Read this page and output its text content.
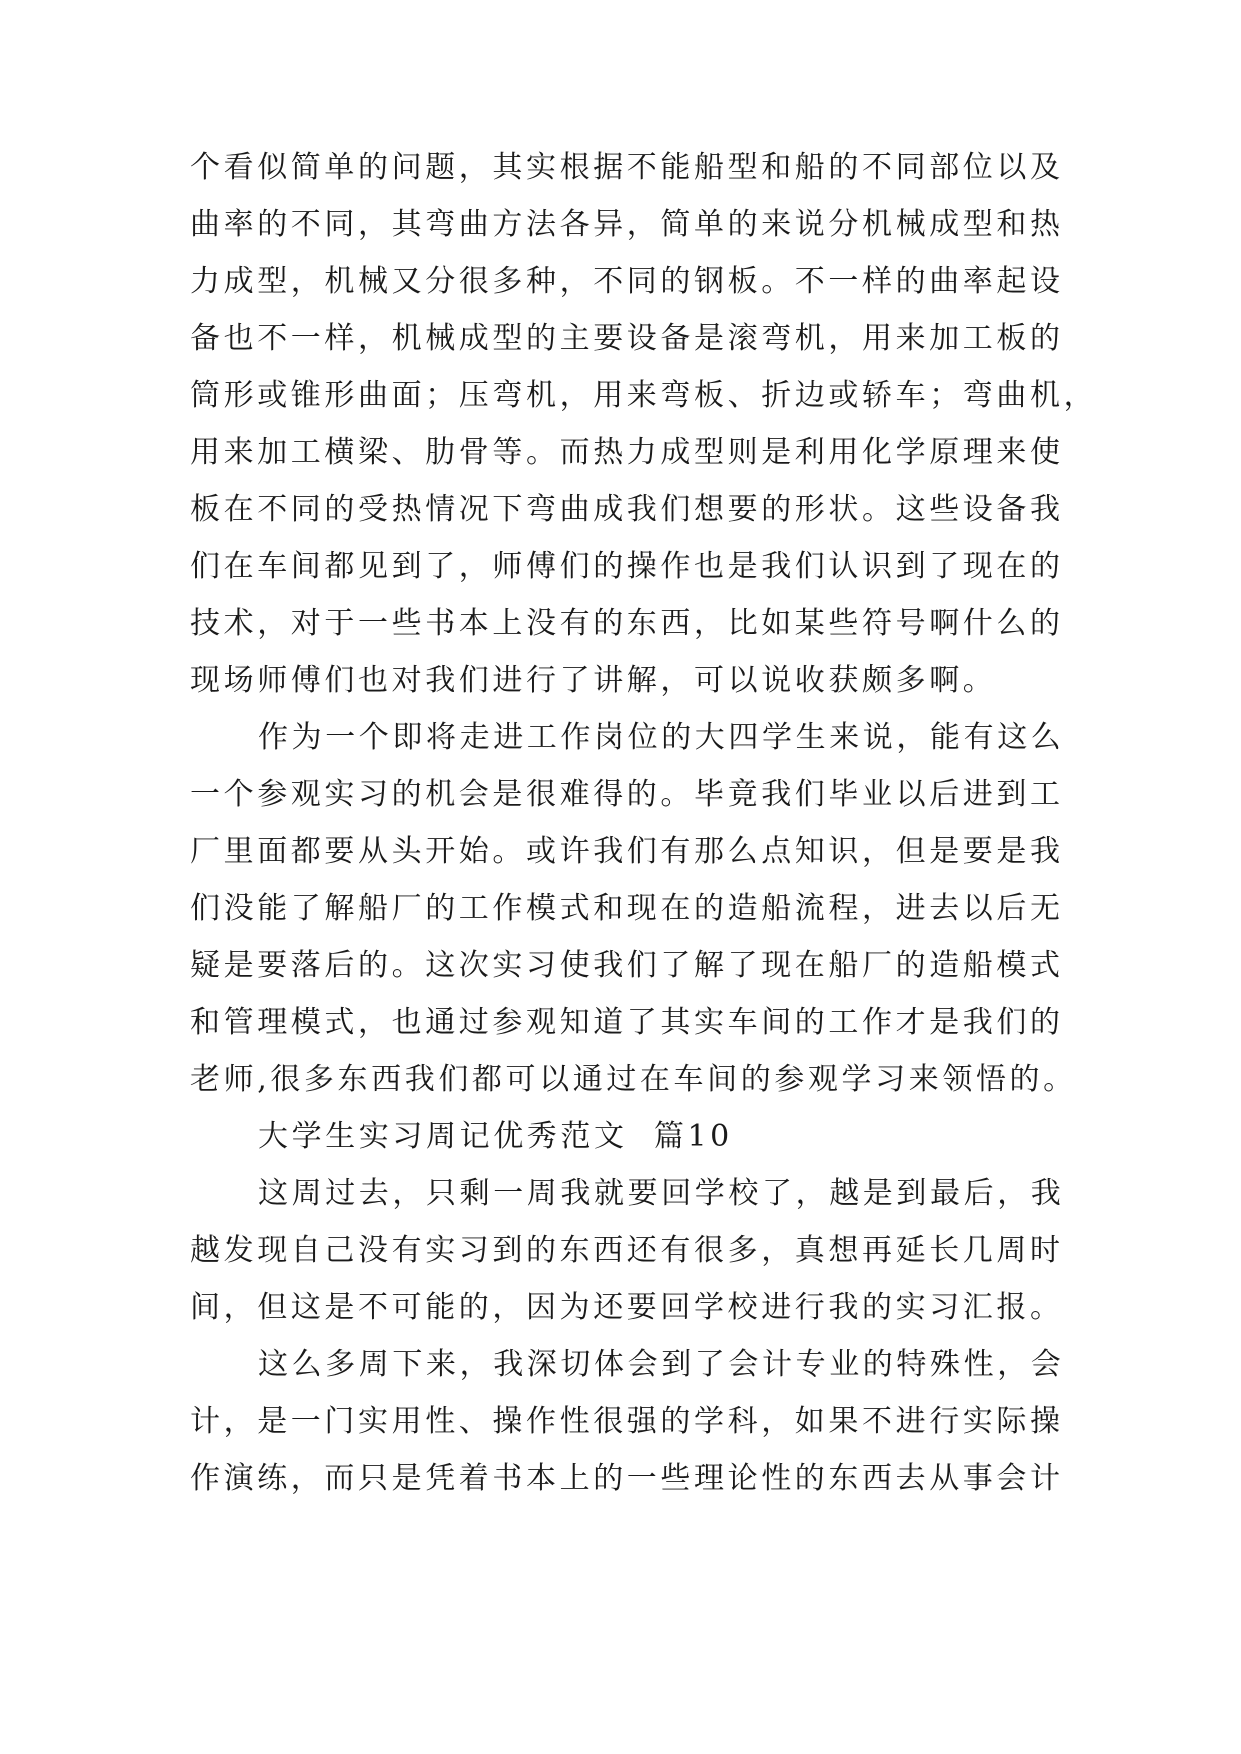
个看似简单的问题，其实根据不能船型和船的不同部位以及
曲率的不同，其弯曲方法各异，简单的来说分机械成型和热
力成型，机械又分很多种，不同的钢板。不一样的曲率起设
备也不一样，机械成型的主要设备是滚弯机，用来加工板的
筒形或锥形曲面；压弯机，用来弯板、折边或轿车；弯曲机，
用来加工横梁、肋骨等。而热力成型则是利用化学原理来使
板在不同的受热情况下弯曲成我们想要的形状。这些设备我
们在车间都见到了，师傅们的操作也是我们认识到了现在的
技术，对于一些书本上没有的东西，比如某些符号啊什么的
现场师傅们也对我们进行了讲解，可以说收获颇多啊。
作为一个即将走进工作岗位的大四学生来说，能有这么
一个参观实习的机会是很难得的。毕竟我们毕业以后进到工
厂里面都要从头开始。或许我们有那么点知识，但是要是我
们没能了解船厂的工作模式和现在的造船流程，进去以后无
疑是要落后的。这次实习使我们了解了现在船厂的造船模式
和管理模式，也通过参观知道了其实车间的工作才是我们的
老师,很多东西我们都可以通过在车间的参观学习来领悟的。
大学生实习周记优秀范文  篇10
这周过去，只剩一周我就要回学校了，越是到最后，我
越发现自己没有实习到的东西还有很多，真想再延长几周时
间，但这是不可能的，因为还要回学校进行我的实习汇报。
这么多周下来，我深切体会到了会计专业的特殊性，会
计，是一门实用性、操作性很强的学科，如果不进行实际操
作演练，而只是凭着书本上的一些理论性的东西去从事会计
